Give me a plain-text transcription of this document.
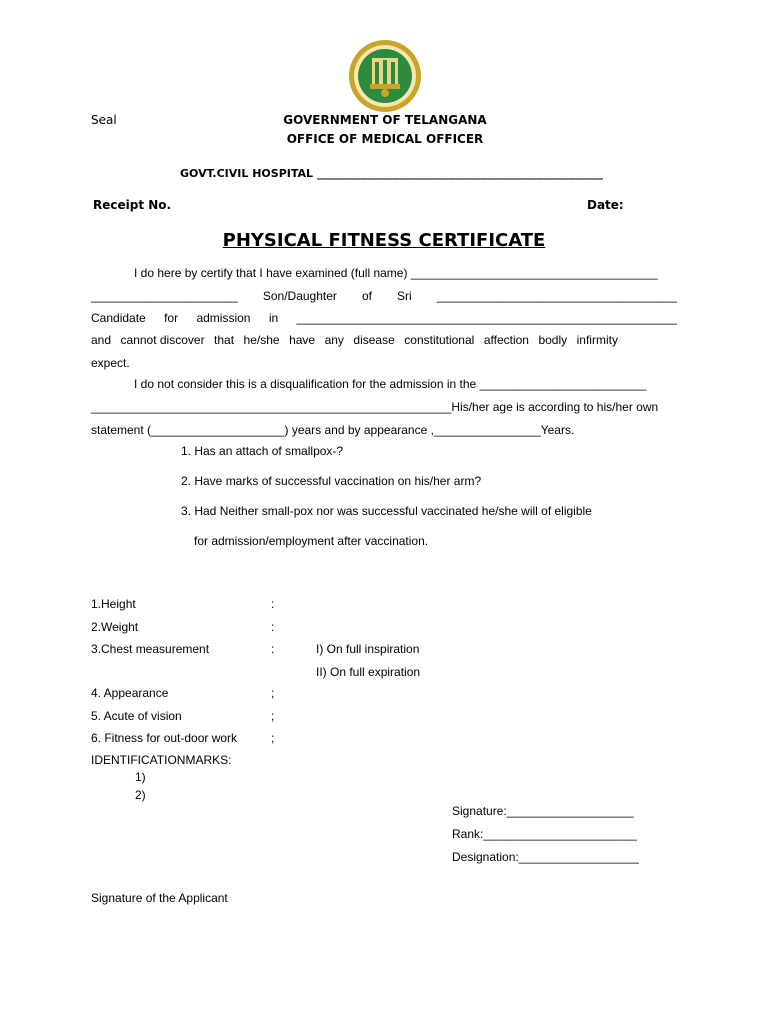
Seal	GOVERNMENT OF TELANGANA
OFFICE OF MEDICAL OFFICER
GOVT.CIVIL HOSPITAL ____________________________________________________
Receipt No.	Date:
PHYSICAL FITNESS CERTIFICATE
I do here by certify that I have examined (full name) _____________________________________
______________________ Son/Daughter of Sri ____________________________________
Candidate for admission in _________________________________________________________
and cannot discover that he/she have any disease constitutional affection bodly infirmity
expect.
I do not consider this is a disqualification for the admission in the _________________________
______________________________________________________His/her age is according to his/her own
statement (____________________) years and by appearance ,________________Years.
1. Has an attach of smallpox-?
2. Have marks of successful vaccination on his/her arm?
3. Had Neither small-pox nor was successful vaccinated he/she will of eligible
for admission/employment after vaccination.
1.Height	:
2.Weight	:
3.Chest measurement	:	I) On full inspiration
II) On full expiration
4. Appearance	;
5. Acute of vision	;
6. Fitness for out-door work	;
IDENTIFICATIONMARKS:
1)
2)
Signature:___________________
Rank:_______________________
Designation:__________________
Signature of the Applicant
